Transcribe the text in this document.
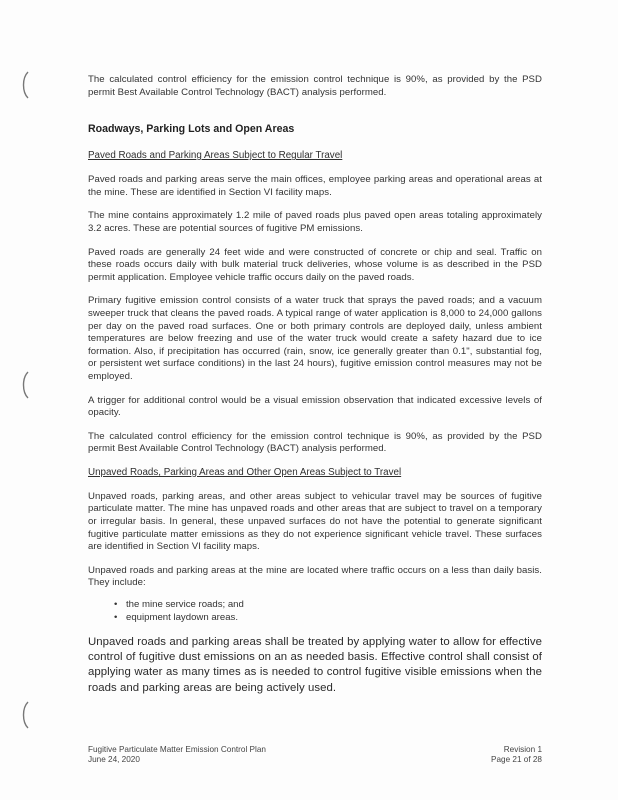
The calculated control efficiency for the emission control technique is 90%, as provided by the PSD permit Best Available Control Technology (BACT) analysis performed.

Roadways, Parking Lots and Open Areas
Paved Roads and Parking Areas Subject to Regular Travel

Paved roads and parking areas serve the main offices, employee parking areas and operational areas at the mine. These are identified in Section VI facility maps.

The mine contains approximately 1.2 mile of paved roads plus paved open areas totaling approximately 3.2 acres. These are potential sources of fugitive PM emissions.

Paved roads are generally 24 feet wide and were constructed of concrete or chip and seal. Traffic on these roads occurs daily with bulk material truck deliveries, whose volume is as described in the PSD permit application. Employee vehicle traffic occurs daily on the paved roads.

Primary fugitive emission control consists of a water truck that sprays the paved roads; and a vacuum sweeper truck that cleans the paved roads. A typical range of water application is 8,000 to 24,000 gallons per day on the paved road surfaces. One or both primary controls are deployed daily, unless ambient temperatures are below freezing and use of the water truck would create a safety hazard due to ice formation. Also, if precipitation has occurred (rain, snow, ice generally greater than 0.1", substantial fog, or persistent wet surface conditions) in the last 24 hours), fugitive emission control measures may not be employed.

A trigger for additional control would be a visual emission observation that indicated excessive levels of opacity.

The calculated control efficiency for the emission control technique is 90%, as provided by the PSD permit Best Available Control Technology (BACT) analysis performed.

Unpaved Roads, Parking Areas and Other Open Areas Subject to Travel

Unpaved roads, parking areas, and other areas subject to vehicular travel may be sources of fugitive particulate matter. The mine has unpaved roads and other areas that are subject to travel on a temporary or irregular basis. In general, these unpaved surfaces do not have the potential to generate significant fugitive particulate matter emissions as they do not experience significant vehicle travel. These surfaces are identified in Section VI facility maps.

Unpaved roads and parking areas at the mine are located where traffic occurs on a less than daily basis. They include:

• the mine service roads; and
• equipment laydown areas.

Unpaved roads and parking areas shall be treated by applying water to allow for effective control of fugitive dust emissions on an as needed basis. Effective control shall consist of applying water as many times as is needed to control fugitive visible emissions when the roads and parking areas are being actively used.

Fugitive Particulate Matter Emission Control Plan
June 24, 2020
Revision 1
Page 21 of 28
